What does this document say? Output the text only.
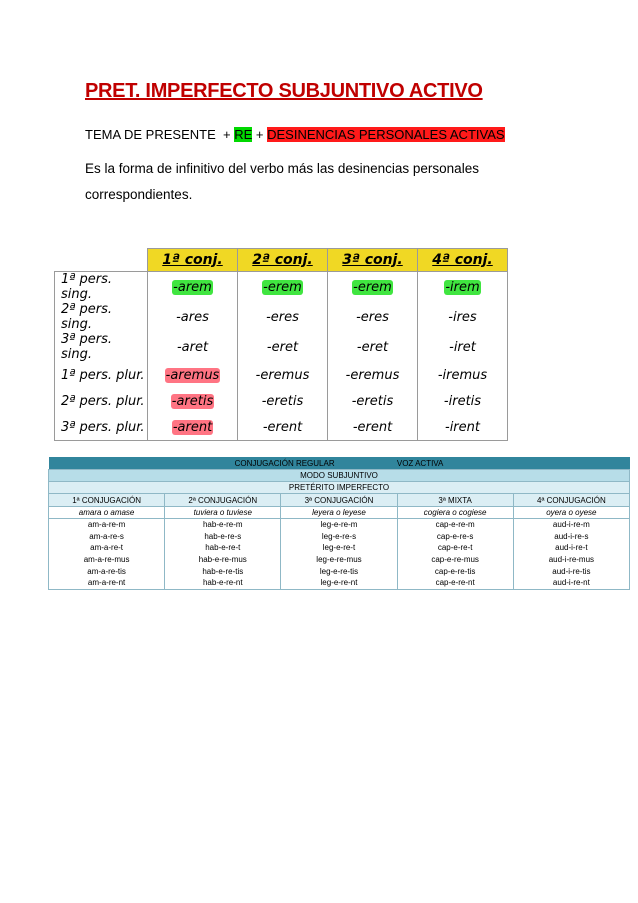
PRET. IMPERFECTO SUBJUNTIVO ACTIVO
TEMA DE PRESENTE + RE + DESINENCIAS PERSONALES ACTIVAS

Es la forma de infinitivo del verbo más las desinencias personales correspondientes.

	1ª conj.	2ª conj.	3ª conj.	4ª conj.
1ª pers. sing.	-arem	-erem	-erem	-irem
2ª pers. sing.	-ares	-eres	-eres	-ires
3ª pers. sing.	-aret	-eret	-eret	-iret
1ª pers. plur.	-aremus	-eremus	-eremus	-iremus
2ª pers. plur.	-aretis	-eretis	-eretis	-iretis
3ª pers. plur.	-arent	-erent	-erent	-irent
CONJUGACIÓN REGULAR VOZ ACTIVA				
MODO SUBJUNTIVO				
PRETÉRITO IMPERFECTO				
1ª CONJUGACIÓN	2ª CONJUGACIÓN	3ª CONJUGACIÓN	3ª MIXTA	4ª CONJUGACIÓN
amara o amase	tuviera o tuviese	leyera o leyese	cogiera o cogiese	oyera o oyese
am-a-re-m	hab-e-re-m	leg-e-re-m	cap-e-re-m	aud-i-re-m
am-a-re-s	hab-e-re-s	leg-e-re-s	cap-e-re-s	aud-i-re-s
am-a-re-t	hab-e-re-t	leg-e-re-t	cap-e-re-t	aud-i-re-t
am-a-re-mus	hab-e-re-mus	leg-e-re-mus	cap-e-re-mus	aud-i-re-mus
am-a-re-tis	hab-e-re-tis	leg-e-re-tis	cap-e-re-tis	aud-i-re-tis
am-a-re-nt	hab-e-re-nt	leg-e-re-nt	cap-e-re-nt	aud-i-re-nt
